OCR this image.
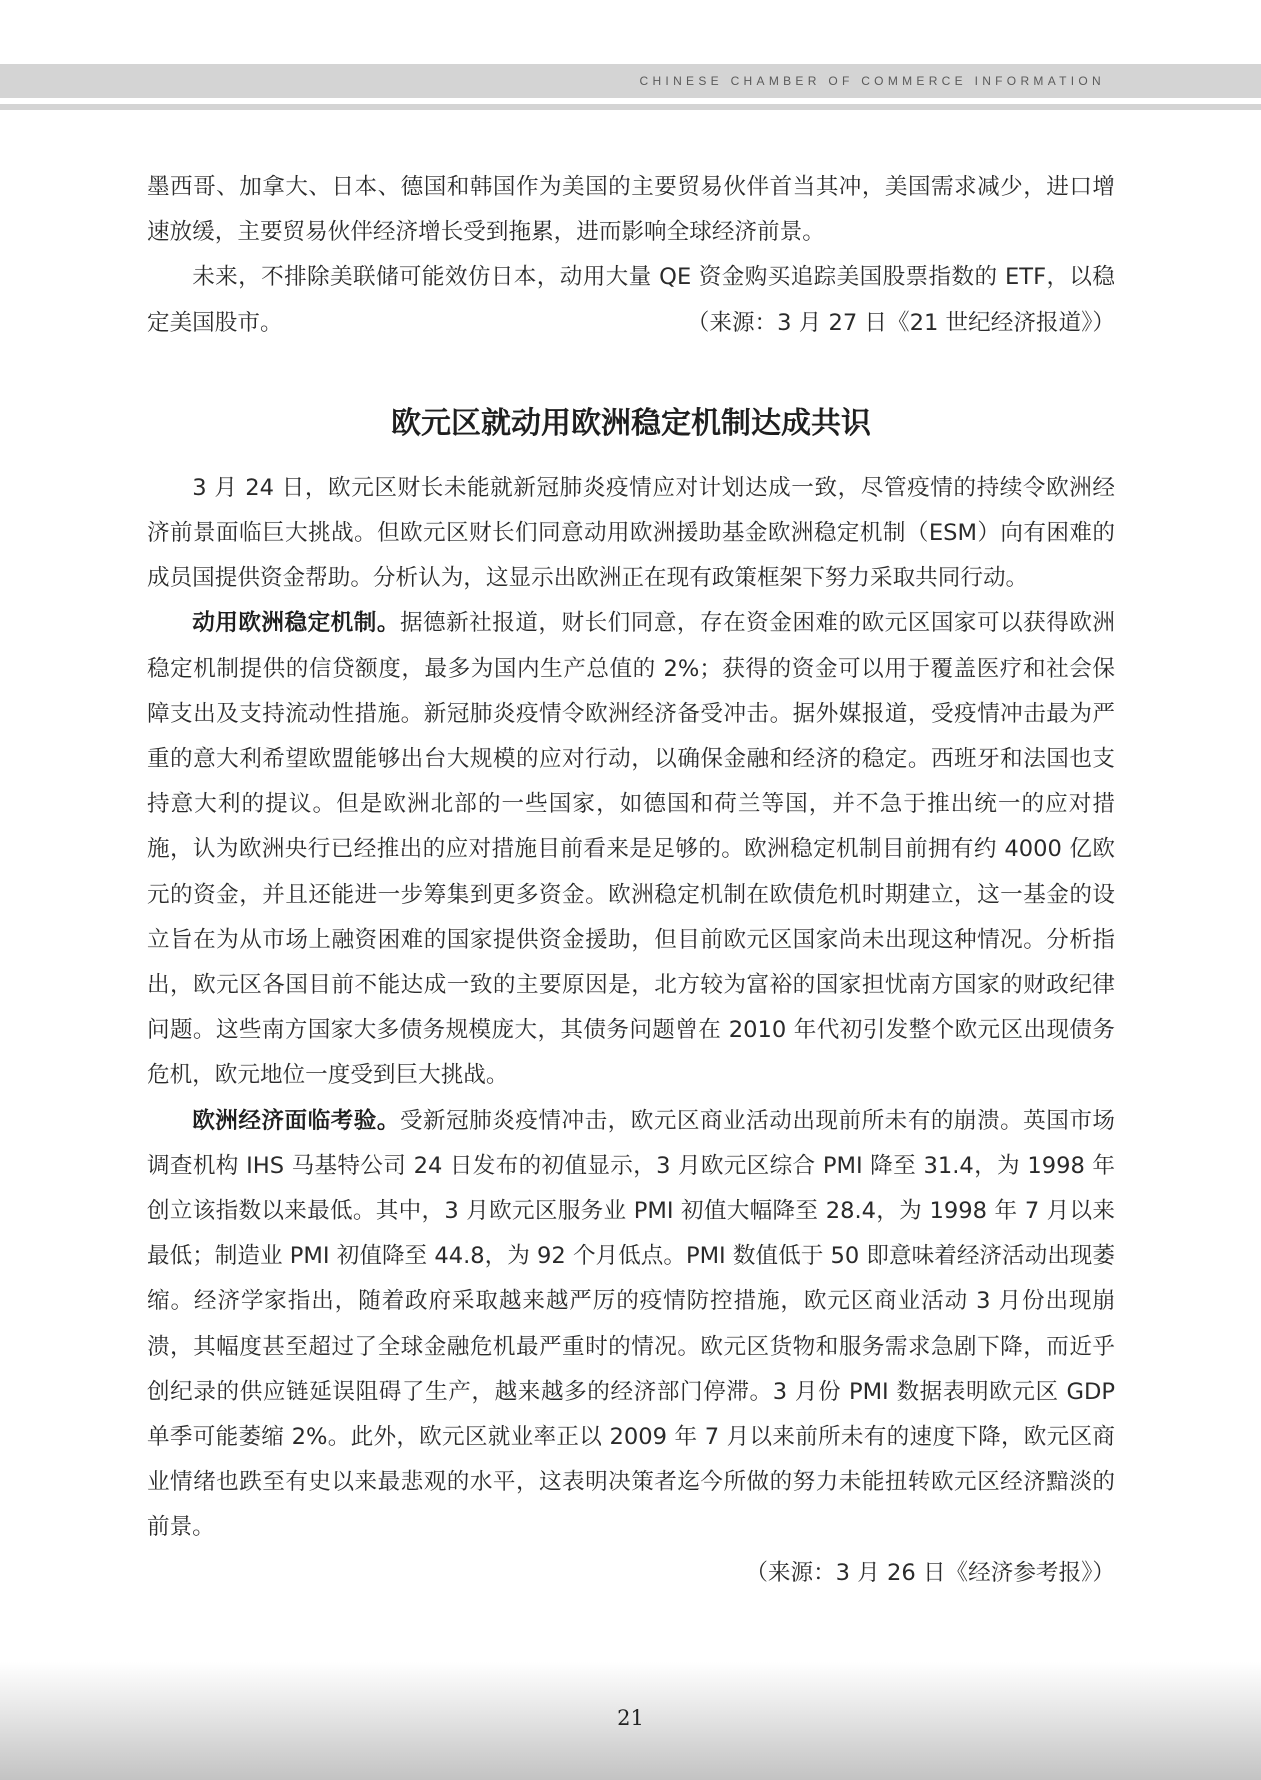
CHINESE CHAMBER OF COMMERCE INFORMATION

墨西哥、加拿大、日本、德国和韩国作为美国的主要贸易伙伴首当其冲，美国需求减少，进口增速放缓，主要贸易伙伴经济增长受到拖累，进而影响全球经济前景。

未来，不排除美联储可能效仿日本，动用大量 QE 资金购买追踪美国股票指数的 ETF，以稳定美国股市。	（来源：3 月 27 日《21 世纪经济报道》）

欧元区就动用欧洲稳定机制达成共识

3 月 24 日，欧元区财长未能就新冠肺炎疫情应对计划达成一致，尽管疫情的持续令欧洲经济前景面临巨大挑战。但欧元区财长们同意动用欧洲援助基金欧洲稳定机制（ESM）向有困难的成员国提供资金帮助。分析认为，这显示出欧洲正在现有政策框架下努力采取共同行动。

动用欧洲稳定机制。据德新社报道，财长们同意，存在资金困难的欧元区国家可以获得欧洲稳定机制提供的信贷额度，最多为国内生产总值的 2%；获得的资金可以用于覆盖医疗和社会保障支出及支持流动性措施。新冠肺炎疫情令欧洲经济备受冲击。据外媒报道，受疫情冲击最为严重的意大利希望欧盟能够出台大规模的应对行动，以确保金融和经济的稳定。西班牙和法国也支持意大利的提议。但是欧洲北部的一些国家，如德国和荷兰等国，并不急于推出统一的应对措施，认为欧洲央行已经推出的应对措施目前看来是足够的。欧洲稳定机制目前拥有约 4000 亿欧元的资金，并且还能进一步筹集到更多资金。欧洲稳定机制在欧债危机时期建立，这一基金的设立旨在为从市场上融资困难的国家提供资金援助，但目前欧元区国家尚未出现这种情况。分析指出，欧元区各国目前不能达成一致的主要原因是，北方较为富裕的国家担忧南方国家的财政纪律问题。这些南方国家大多债务规模庞大，其债务问题曾在 2010 年代初引发整个欧元区出现债务危机，欧元地位一度受到巨大挑战。

欧洲经济面临考验。受新冠肺炎疫情冲击，欧元区商业活动出现前所未有的崩溃。英国市场调查机构 IHS 马基特公司 24 日发布的初值显示，3 月欧元区综合 PMI 降至 31.4，为 1998 年创立该指数以来最低。其中，3 月欧元区服务业 PMI 初值大幅降至 28.4，为 1998 年 7 月以来最低；制造业 PMI 初值降至 44.8，为 92 个月低点。PMI 数值低于 50 即意味着经济活动出现萎缩。经济学家指出，随着政府采取越来越严厉的疫情防控措施，欧元区商业活动 3 月份出现崩溃，其幅度甚至超过了全球金融危机最严重时的情况。欧元区货物和服务需求急剧下降，而近乎创纪录的供应链延误阻碍了生产，越来越多的经济部门停滞。3 月份 PMI 数据表明欧元区 GDP 单季可能萎缩 2%。此外，欧元区就业率正以 2009 年 7 月以来前所未有的速度下降，欧元区商业情绪也跌至有史以来最悲观的水平，这表明决策者迄今所做的努力未能扭转欧元区经济黯淡的前景。

（来源：3 月 26 日《经济参考报》）

21
